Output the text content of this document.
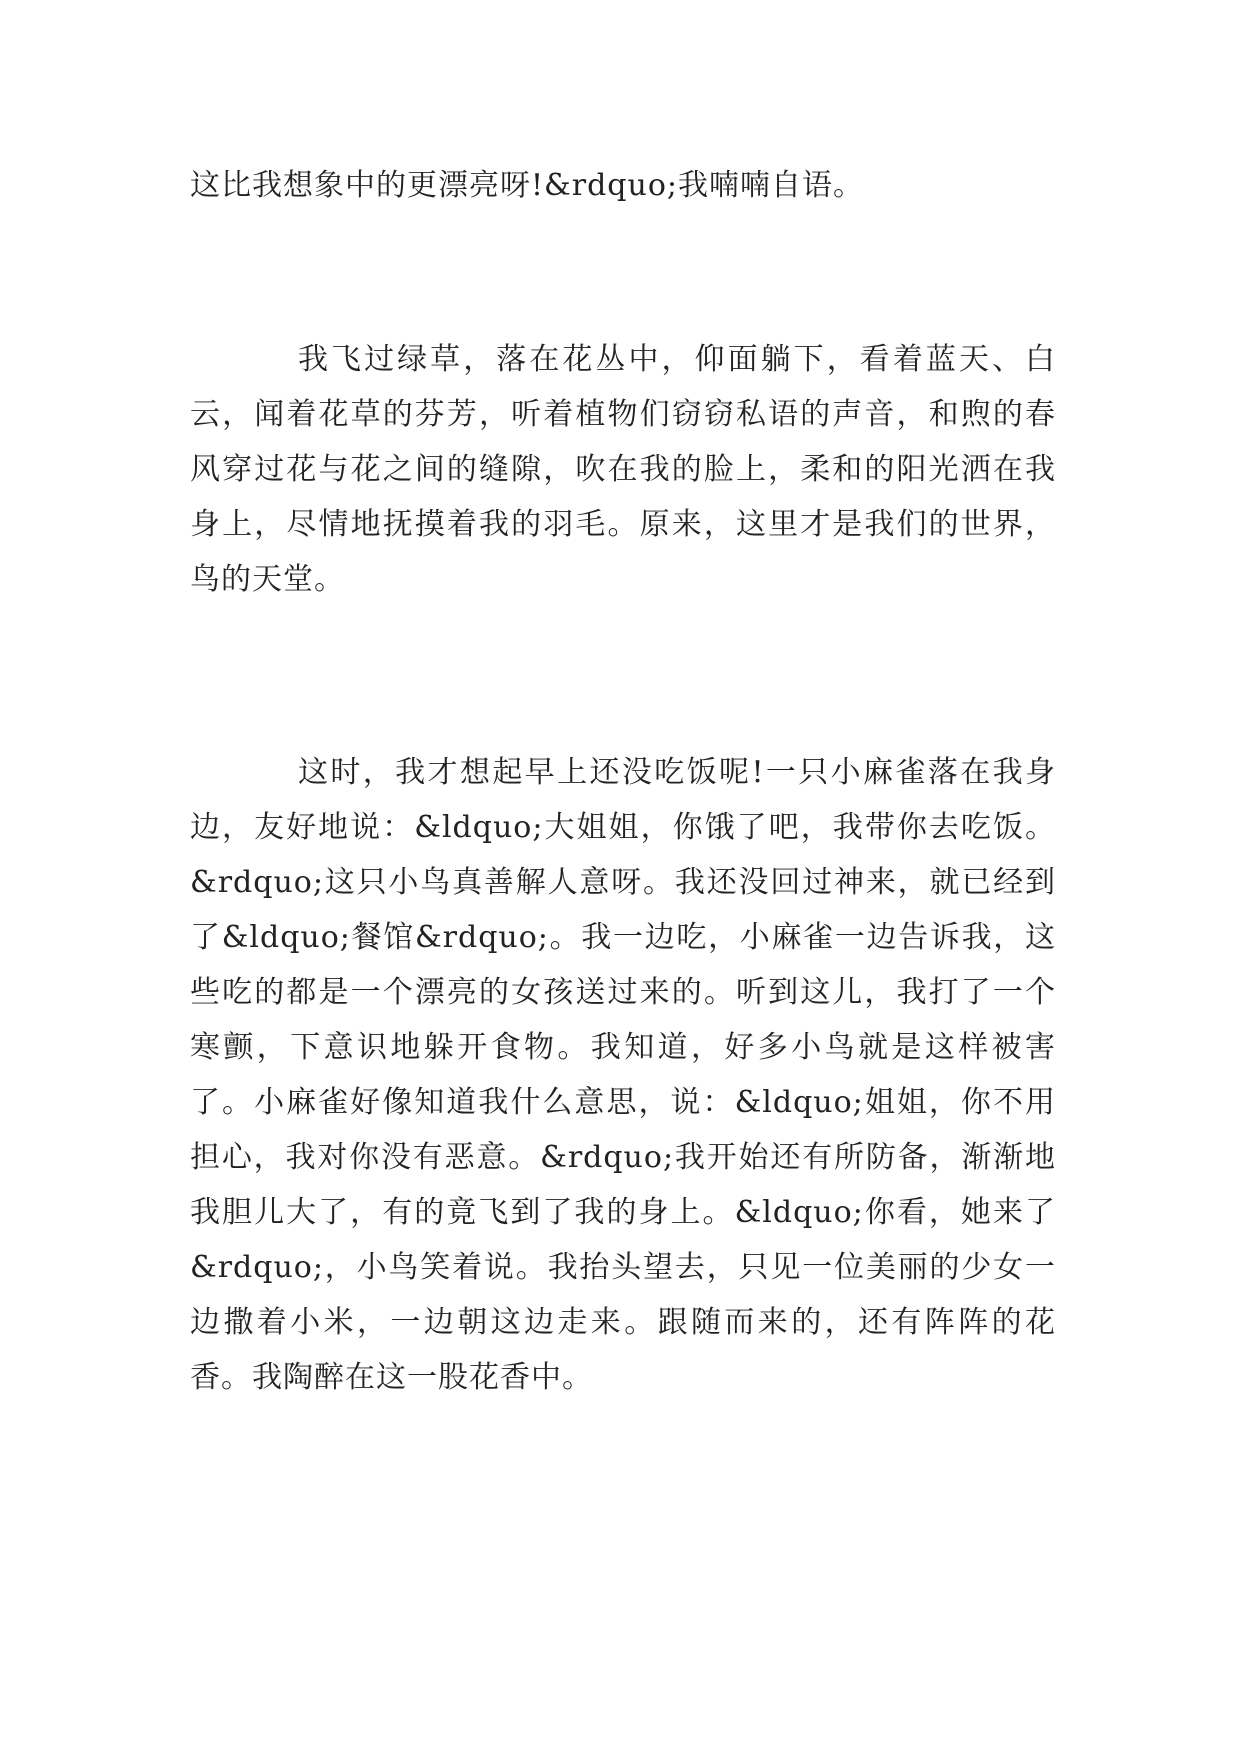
这比我想象中的更漂亮呀!&rdquo;我喃喃自语。

我飞过绿草，落在花丛中，仰面躺下，看着蓝天、白云，闻着花草的芬芳，听着植物们窃窃私语的声音，和煦的春风穿过花与花之间的缝隙，吹在我的脸上，柔和的阳光洒在我身上，尽情地抚摸着我的羽毛。原来，这里才是我们的世界，鸟的天堂。

这时，我才想起早上还没吃饭呢!一只小麻雀落在我身边，友好地说：&ldquo;大姐姐，你饿了吧，我带你去吃饭。&rdquo;这只小鸟真善解人意呀。我还没回过神来，就已经到了&ldquo;餐馆&rdquo;。我一边吃，小麻雀一边告诉我，这些吃的都是一个漂亮的女孩送过来的。听到这儿，我打了一个寒颤，下意识地躲开食物。我知道，好多小鸟就是这样被害了。小麻雀好像知道我什么意思，说：&ldquo;姐姐，你不用担心，我对你没有恶意。&rdquo;我开始还有所防备，渐渐地我胆儿大了，有的竟飞到了我的身上。&ldquo;你看，她来了&rdquo;，小鸟笑着说。我抬头望去，只见一位美丽的少女一边撒着小米，一边朝这边走来。跟随而来的，还有阵阵的花香。我陶醉在这一股花香中。
